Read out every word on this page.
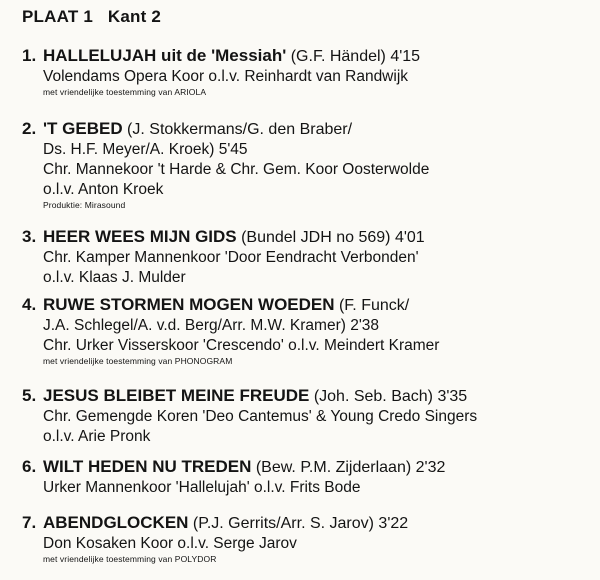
PLAAT 1 Kant 2
1. HALLELUJAH uit de 'Messiah' (G.F. Händel) 4'15
Volendams Opera Koor o.l.v. Reinhardt van Randwijk
met vriendelijke toestemming van ARIOLA
2. 'T GEBED (J. Stokkermans/G. den Braber/
Ds. H.F. Meyer/A. Kroek) 5'45
Chr. Mannekoor 't Harde & Chr. Gem. Koor Oosterwolde
o.l.v. Anton Kroek
Produktie: Mirasound
3. HEER WEES MIJN GIDS (Bundel JDH no 569) 4'01
Chr. Kamper Mannenkoor 'Door Eendracht Verbonden'
o.l.v. Klaas J. Mulder
4. RUWE STORMEN MOGEN WOEDEN (F. Funck/
J.A. Schlegel/A. v.d. Berg/Arr. M.W. Kramer) 2'38
Chr. Urker Visserskoor 'Crescendo' o.l.v. Meindert Kramer
met vriendelijke toestemming van PHONOGRAM
5. JESUS BLEIBET MEINE FREUDE (Joh. Seb. Bach) 3'35
Chr. Gemengde Koren 'Deo Cantemus' & Young Credo Singers
o.l.v. Arie Pronk
6. WILT HEDEN NU TREDEN (Bew. P.M. Zijderlaan) 2'32
Urker Mannenkoor 'Hallelujah' o.l.v. Frits Bode
7. ABENDGLOCKEN (P.J. Gerrits/Arr. S. Jarov) 3'22
Don Kosaken Koor o.l.v. Serge Jarov
met vriendelijke toestemming van POLYDOR
